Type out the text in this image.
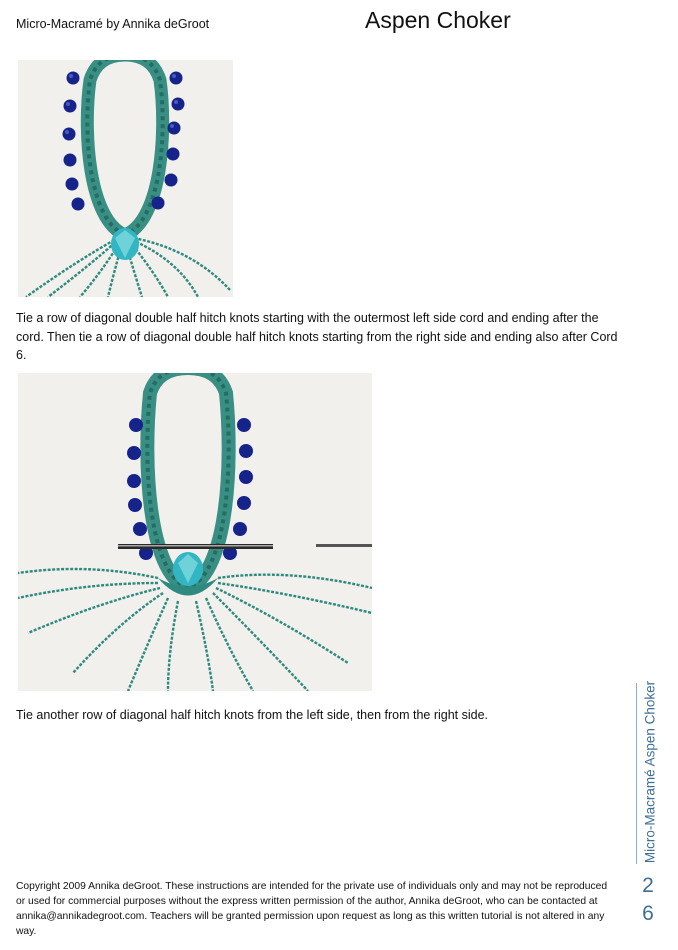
Micro-Macramé by Annika deGroot	Aspen Choker

Tie a row of diagonal double half hitch knots starting with the outermost left side cord and ending after the cord. Then tie a row of diagonal double half hitch knots starting from the right side and ending also after Cord 6.

Tie another row of diagonal half hitch knots from the left side, then from the right side.	Micro-Macramé Aspen Choker
2
6

Copyright 2009 Annika deGroot. These instructions are intended for the private use of individuals only and may not be reproduced or used for commercial purposes without the express written permission of the author, Annika deGroot, who can be contacted at annika@annikadegroot.com. Teachers will be granted permission upon request as long as this written tutorial is not altered in any way.
